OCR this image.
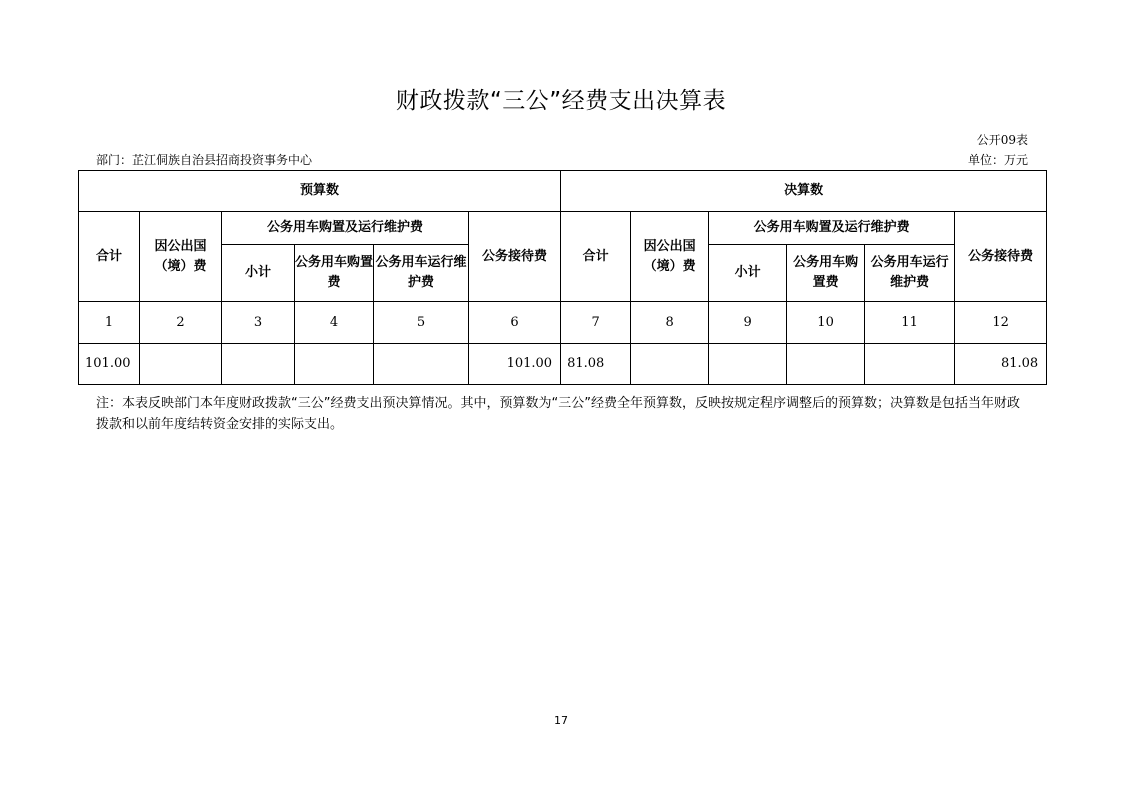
财政拨款“三公”经费支出决算表
公开09表
部门：芷江侗族自治县招商投资事务中心	单位：万元
预算数						决算数					
合计	因公出国（境）费	公务用车购置及运行维护费			公务接待费	合计	因公出国（境）费	公务用车购置及运行维护费			公务接待费
		小计	公务用车购置费	公务用车运行维护费				小计	公务用车购置费	公务用车运行维护费	
1	2	3	4	5	6	7	8	9	10	11	12
101.00					101.00	81.08					81.08
注：本表反映部门本年度财政拨款“三公”经费支出预决算情况。其中，预算数为“三公”经费全年预算数，反映按规定程序调整后的预算数；决算数是包括当年财政拨款和以前年度结转资金安排的实际支出。
17
